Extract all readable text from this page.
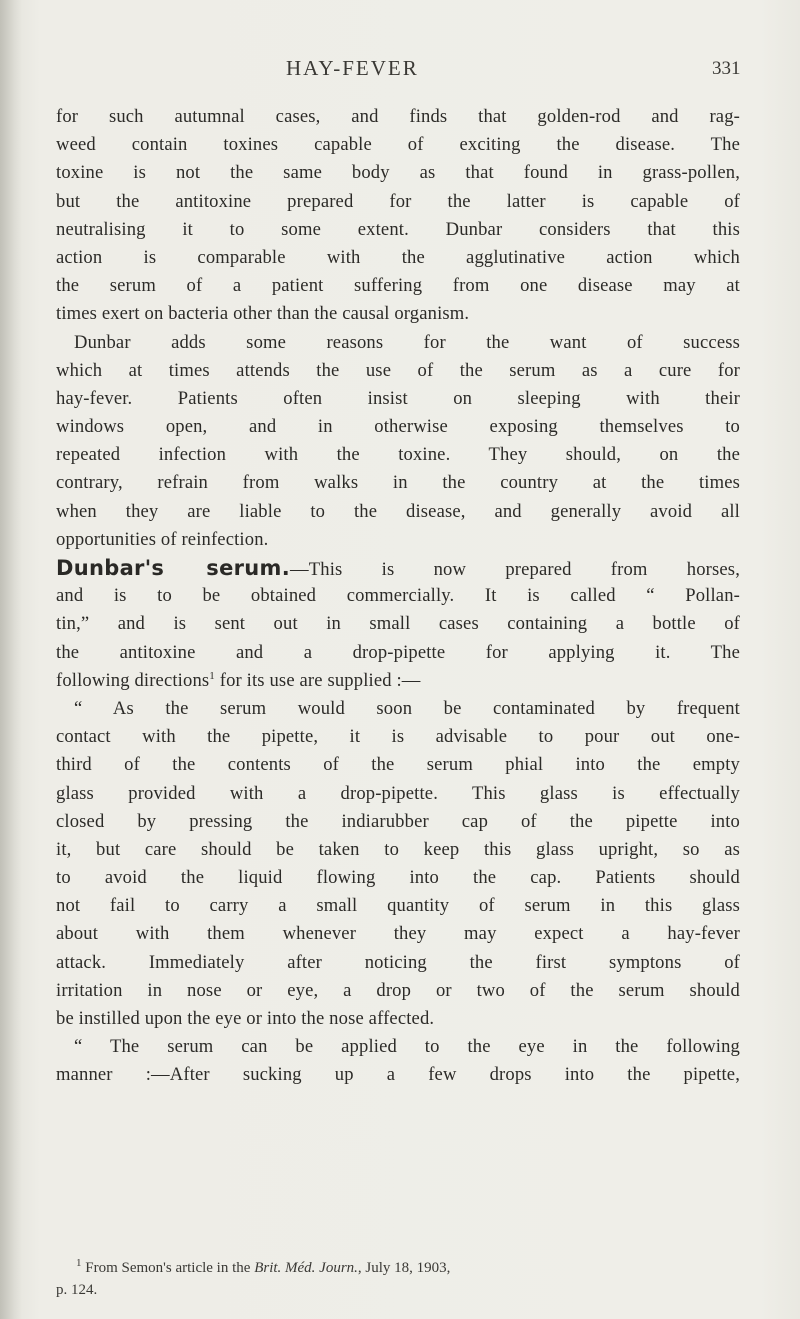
HAY-FEVER	331
for such autumnal cases, and finds that golden-rod and rag-
weed contain toxines capable of exciting the disease. The
toxine is not the same body as that found in grass-pollen,
but the antitoxine prepared for the latter is capable of
neutralising it to some extent. Dunbar considers that this
action is comparable with the agglutinative action which
the serum of a patient suffering from one disease may at
times exert on bacteria other than the causal organism.
Dunbar adds some reasons for the want of success
which at times attends the use of the serum as a cure for
hay-fever. Patients often insist on sleeping with their
windows open, and in otherwise exposing themselves to
repeated infection with the toxine. They should, on the
contrary, refrain from walks in the country at the times
when they are liable to the disease, and generally avoid all
opportunities of reinfection.
Dunbar's serum.—This is now prepared from horses,
and is to be obtained commercially. It is called “ Pollan-
tin,” and is sent out in small cases containing a bottle of
the antitoxine and a drop-pipette for applying it. The
following directions$^1$ for its use are supplied :—
“ As the serum would soon be contaminated by frequent
contact with the pipette, it is advisable to pour out one-
third of the contents of the serum phial into the empty
glass provided with a drop-pipette. This glass is effectually
closed by pressing the indiarubber cap of the pipette into
it, but care should be taken to keep this glass upright, so as
to avoid the liquid flowing into the cap. Patients should
not fail to carry a small quantity of serum in this glass
about with them whenever they may expect a hay-fever
attack. Immediately after noticing the first symptons of
irritation in nose or eye, a drop or two of the serum should
be instilled upon the eye or into the nose affected.
“ The serum can be applied to the eye in the following
manner :—After sucking up a few drops into the pipette,
$^1$ From Semon's article in the Brit. Méd. Journ., July 18, 1903,
p. 124.
